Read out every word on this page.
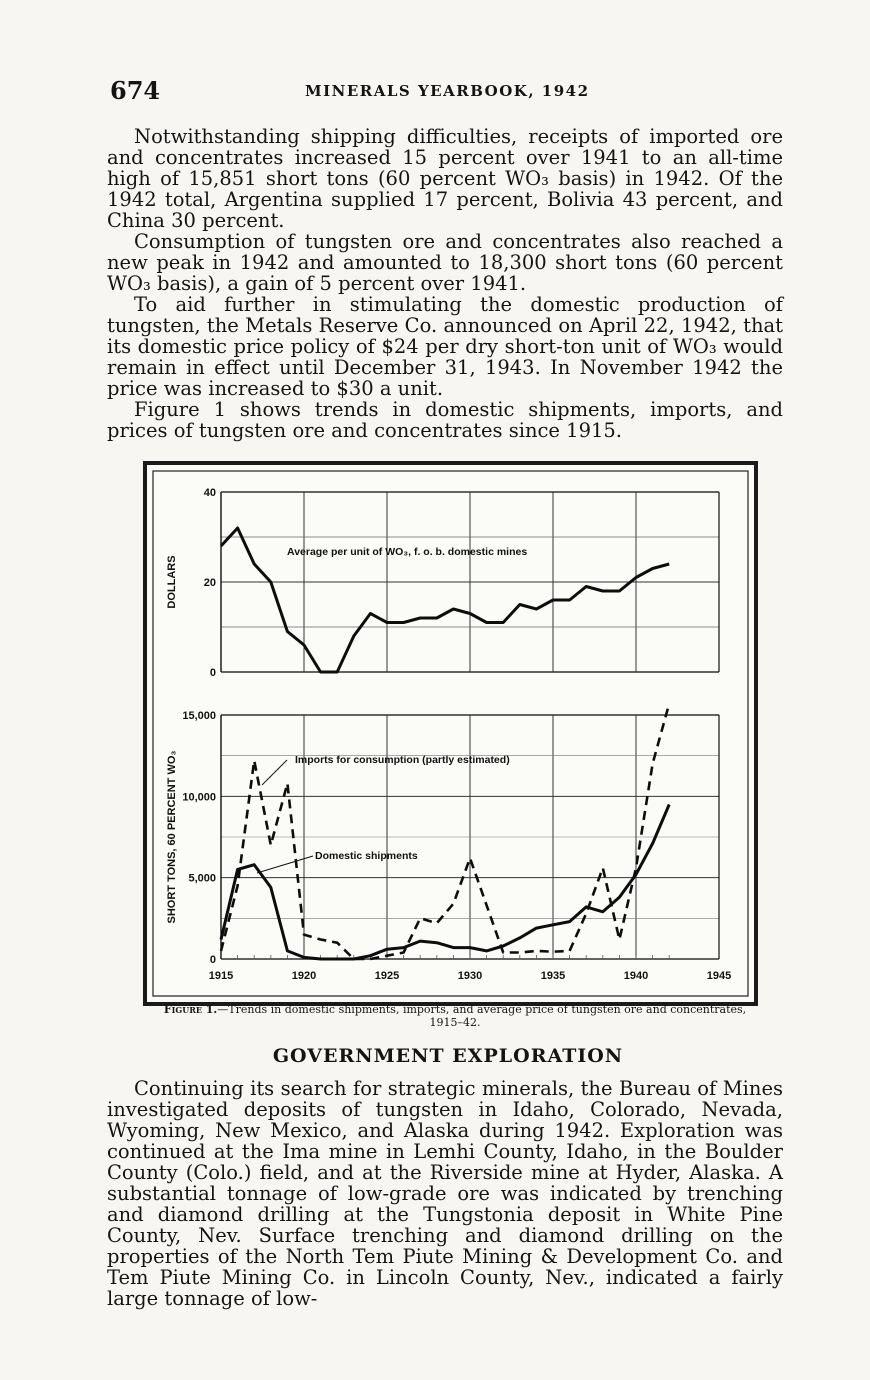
674	MINERALS YEARBOOK, 1942

Notwithstanding shipping difficulties, receipts of imported ore and concentrates increased 15 percent over 1941 to an all-time high of 15,851 short tons (60 percent WO₃ basis) in 1942. Of the 1942 total, Argentina supplied 17 percent, Bolivia 43 percent, and China 30 percent.

Consumption of tungsten ore and concentrates also reached a new peak in 1942 and amounted to 18,300 short tons (60 percent WO₃ basis), a gain of 5 percent over 1941.

To aid further in stimulating the domestic production of tungsten, the Metals Reserve Co. announced on April 22, 1942, that its domestic price policy of $24 per dry short-ton unit of WO₃ would remain in effect until December 31, 1943. In November 1942 the price was increased to $30 a unit.

Figure 1 shows trends in domestic shipments, imports, and prices of tungsten ore and concentrates since 1915.

0
20
40
0
5,000
10,000
15,000
1915	1920	1925	1930	1935	1940	1945
DOLLARS
SHORT TONS, 60 PERCENT WO₃
Average per unit of WO₃, f. o. b. domestic mines
Imports for consumption (partly estimated)
Domestic shipments
Figure 1.—Trends in domestic shipments, imports, and average price of tungsten ore and concentrates, 1915–42.
GOVERNMENT EXPLORATION

Continuing its search for strategic minerals, the Bureau of Mines investigated deposits of tungsten in Idaho, Colorado, Nevada, Wyoming, New Mexico, and Alaska during 1942. Exploration was continued at the Ima mine in Lemhi County, Idaho, in the Boulder County (Colo.) field, and at the Riverside mine at Hyder, Alaska. A substantial tonnage of low-grade ore was indicated by trenching and diamond drilling at the Tungstonia deposit in White Pine County, Nev. Surface trenching and diamond drilling on the properties of the North Tem Piute Mining & Development Co. and Tem Piute Mining Co. in Lincoln County, Nev., indicated a fairly large tonnage of low-
